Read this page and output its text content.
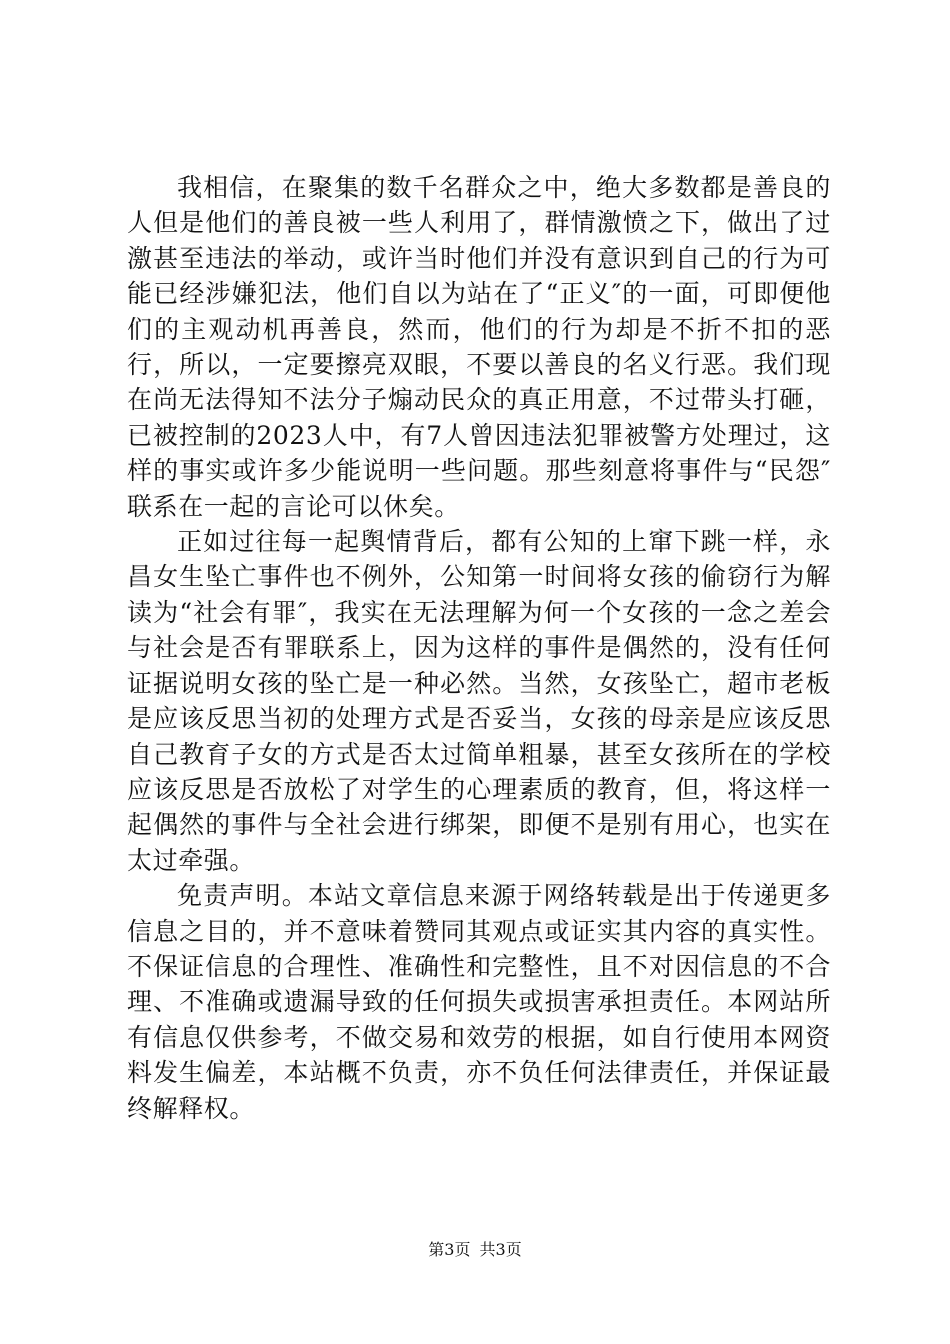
我相信，在聚集的数千名群众之中，绝大多数都是善良的人但是他们的善良被一些人利用了，群情激愤之下，做出了过激甚至违法的举动，或许当时他们并没有意识到自己的行为可能已经涉嫌犯法，他们自以为站在了“正义″的一面，可即便他们的主观动机再善良，然而，他们的行为却是不折不扣的恶行，所以，一定要擦亮双眼，不要以善良的名义行恶。我们现在尚无法得知不法分子煽动民众的真正用意，不过带头打砸，已被控制的2023人中，有7人曾因违法犯罪被警方处理过，这样的事实或许多少能说明一些问题。那些刻意将事件与“民怨″联系在一起的言论可以休矣。

正如过往每一起舆情背后，都有公知的上窜下跳一样，永昌女生坠亡事件也不例外，公知第一时间将女孩的偷窃行为解读为“社会有罪″，我实在无法理解为何一个女孩的一念之差会与社会是否有罪联系上，因为这样的事件是偶然的，没有任何证据说明女孩的坠亡是一种必然。当然，女孩坠亡，超市老板是应该反思当初的处理方式是否妥当，女孩的母亲是应该反思自己教育子女的方式是否太过简单粗暴，甚至女孩所在的学校应该反思是否放松了对学生的心理素质的教育，但，将这样一起偶然的事件与全社会进行绑架，即便不是别有用心，也实在太过牵强。

免责声明。本站文章信息来源于网络转载是出于传递更多信息之目的，并不意味着赞同其观点或证实其内容的真实性。不保证信息的合理性、准确性和完整性，且不对因信息的不合理、不准确或遗漏导致的任何损失或损害承担责任。本网站所有信息仅供参考，不做交易和效劳的根据，如自行使用本网资料发生偏差，本站概不负责，亦不负任何法律责任，并保证最终解释权。

第3页 共3页
